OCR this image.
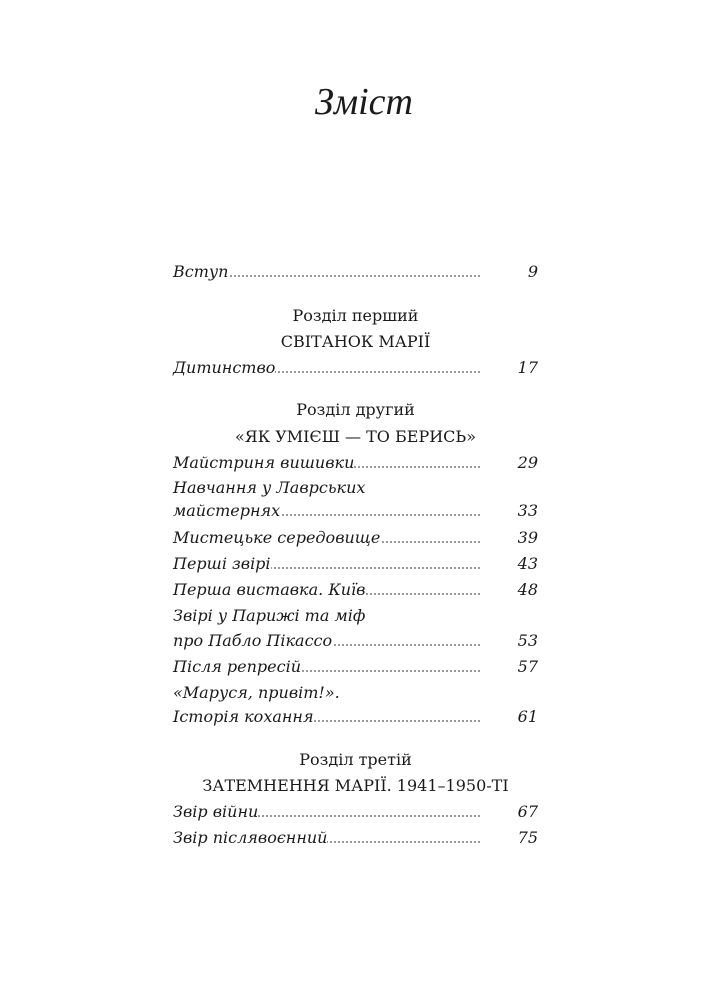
Зміст
Вступ	9
Розділ перший
СВІТАНОК МАРІЇ
Дитинство	17
Розділ другий
«ЯК УМІЄШ — ТО БЕРИСЬ»
Майстриня вишивки	29
Навчання у Лаврських
майстернях	33
Мистецьке середовище	39
Перші звірі	43
Перша виставка. Київ	48
Звірі у Парижі та міф
про Пабло Пікассо	53
Після репресій	57
«Маруся, привіт!».
Історія кохання	61
Розділ третій
ЗАТЕМНЕННЯ МАРІЇ. 1941–1950-ТІ
Звір війни	67
Звір післявоєнний	75
